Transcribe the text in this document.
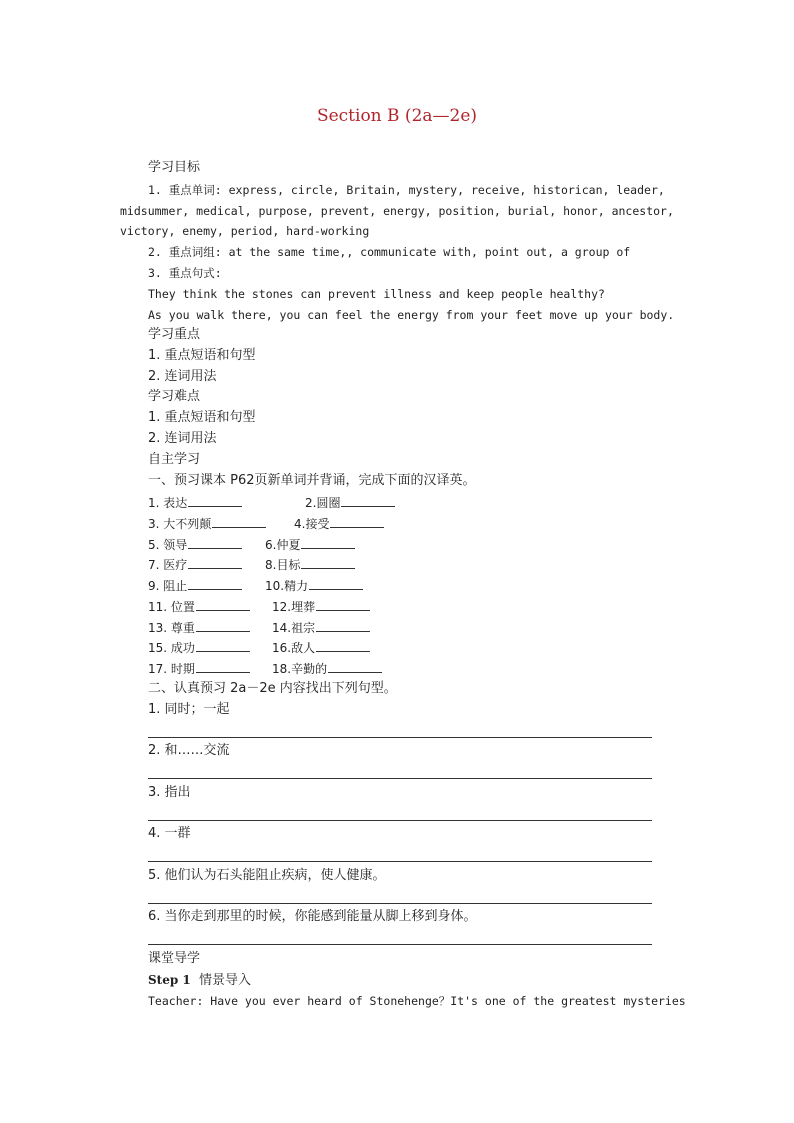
Section B (2a—2e)
学习目标
1. 重点单词: express, circle, Britain, mystery, receive, historican, leader,
midsummer, medical, purpose, prevent, energy, position, burial, honor, ancestor,
victory, enemy, period, hard-working
2. 重点词组: at the same time,, communicate with, point out, a group of
3. 重点句式:
They think the stones can prevent illness and keep people healthy?
As you walk there, you can feel the energy from your feet move up your body.
学习重点
1. 重点短语和句型
2. 连词用法
学习难点
1. 重点短语和句型
2. 连词用法
自主学习
一、预习课本 P62页新单词并背诵，完成下面的汉译英。
1. 表达	2.圆圈
3. 大不列颠	4.接受
5. 领导	6.仲夏
7. 医疗	8.目标
9. 阻止	10.精力
11. 位置	12.埋葬
13. 尊重	14.祖宗
15. 成功	16.敌人
17. 时期	18.辛勤的
二、认真预习 2a－2e 内容找出下列句型。
1. 同时；一起
2. 和……交流
3. 指出
4. 一群
5. 他们认为石头能阻止疾病，使人健康。
6. 当你走到那里的时候，你能感到能量从脚上移到身体。
课堂导学
Step 1 情景导入
Teacher: Have you ever heard of Stonehenge？It's one of the greatest mysteries
